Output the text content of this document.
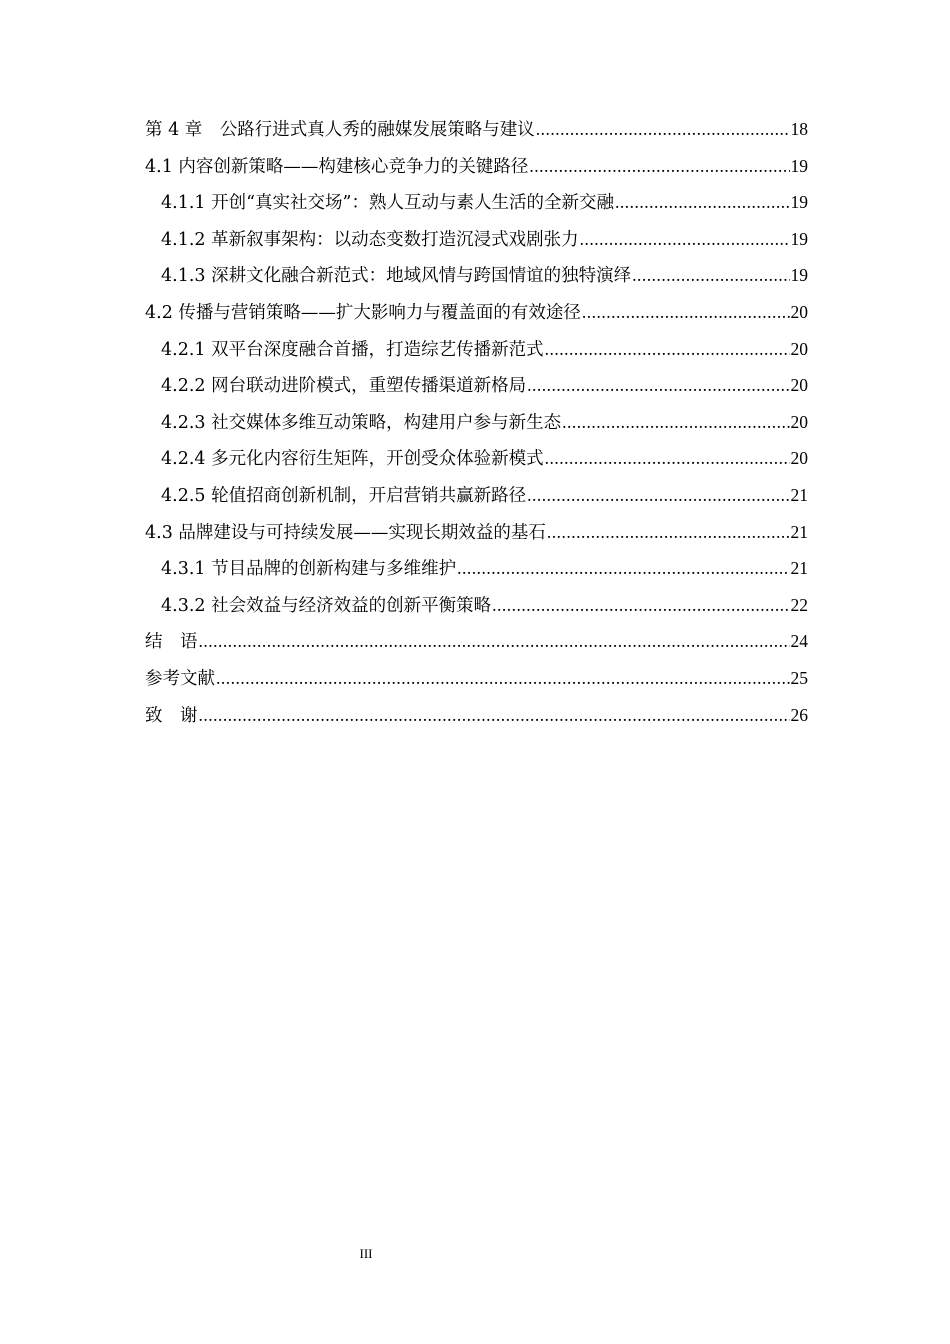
第 4 章　公路行进式真人秀的融媒发展策略与建议 .....	18
4.1 内容创新策略——构建核心竞争力的关键路径 .....	19
4.1.1 开创“真实社交场”：熟人互动与素人生活的全新交融 .....	19
4.1.2 革新叙事架构：以动态变数打造沉浸式戏剧张力 .....	19
4.1.3 深耕文化融合新范式：地域风情与跨国情谊的独特演绎 .....	19
4.2 传播与营销策略——扩大影响力与覆盖面的有效途径 .....	20
4.2.1 双平台深度融合首播，打造综艺传播新范式 .....	20
4.2.2 网台联动进阶模式，重塑传播渠道新格局 .....	20
4.2.3 社交媒体多维互动策略，构建用户参与新生态 .....	20
4.2.4 多元化内容衍生矩阵，开创受众体验新模式 .....	20
4.2.5 轮值招商创新机制，开启营销共赢新路径 .....	21
4.3 品牌建设与可持续发展——实现长期效益的基石 .....	21
4.3.1 节目品牌的创新构建与多维维护 .....	21
4.3.2 社会效益与经济效益的创新平衡策略 .....	22
结　语 .....	24
参考文献 .....	25
致　谢 .....	26
III
